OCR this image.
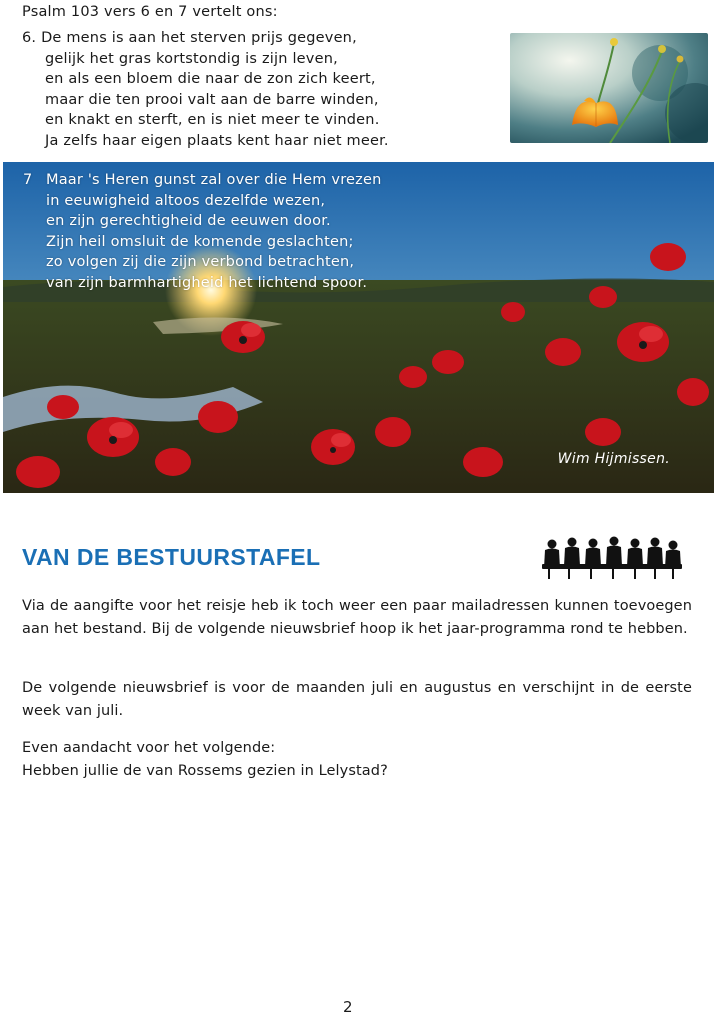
Psalm 103 vers 6 en 7 vertelt ons:
6. De mens is aan het sterven prijs gegeven,
gelijk het gras kortstondig is zijn leven,
en als een bloem die naar de zon zich keert,
maar die ten prooi valt aan de barre winden,
en knakt en sterft, en is niet meer te vinden.
Ja zelfs haar eigen plaats kent haar niet meer.
7 Maar 's Heren gunst zal over die Hem vrezen
in eeuwigheid altoos dezelfde wezen,
en zijn gerechtigheid de eeuwen door.
Zijn heil omsluit de komende geslachten;
zo volgen zij die zijn verbond betrachten,
van zijn barmhartigheid het lichtend spoor.
Wim Hijmissen.
VAN DE BESTUURSTAFEL

Via de aangifte voor het reisje heb ik toch weer een paar mailadressen kunnen toevoegen aan het bestand. Bij de volgende nieuwsbrief hoop ik het jaar-programma rond te hebben.

De volgende nieuwsbrief is voor de maanden juli en augustus en verschijnt in de eerste week van juli.

Even aandacht voor het volgende:
Hebben jullie de van Rossems gezien in Lelystad?
2
